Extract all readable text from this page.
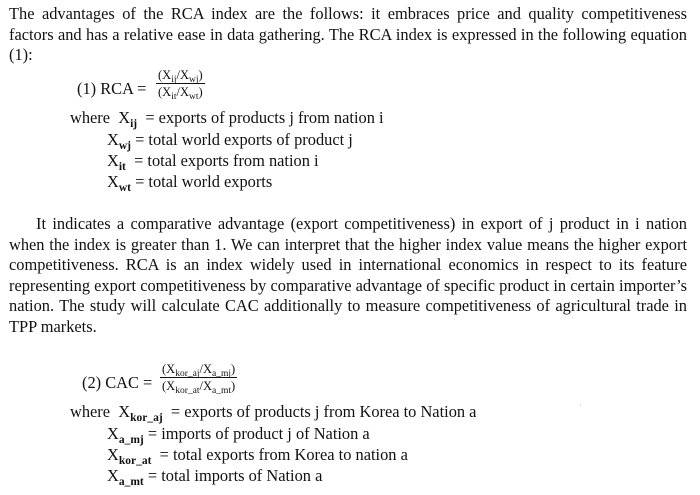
The advantages of the RCA index are the follows: it embraces price and quality competitiveness factors and has a relative ease in data gathering. The RCA index is expressed in the following equation (1):

(1) RCA =
$(X_{ij}/X_{wj})$
$(X_{it}/X_{wt})$
where  $X_{ij}$  = exports of products j from nation i
$X_{wj}$ = total world exports of product j
$X_{it}$  = total exports from nation i
$X_{wt}$ = total world exports

It indicates a comparative advantage (export competitiveness) in export of j product in i nation when the index is greater than 1. We can interpret that the higher index value means the higher export competitiveness. RCA is an index widely used in international economics in respect to its feature representing export competitiveness by comparative advantage of specific product in certain importer’s nation. The study will calculate CAC additionally to measure competitiveness of agricultural trade in TPP markets.

(2) CAC =
$(X_{kor\_aj}/X_{a\_mj})$
$(X_{kor\_at}/X_{a\_mt})$
where  $X_{kor\_aj}$  = exports of products j from Korea to Nation a
$X_{a\_mj}$ = imports of product j of Nation a
$X_{kor\_at}$  = total exports from Korea to nation a
$X_{a\_mt}$ = total imports of Nation a
·
